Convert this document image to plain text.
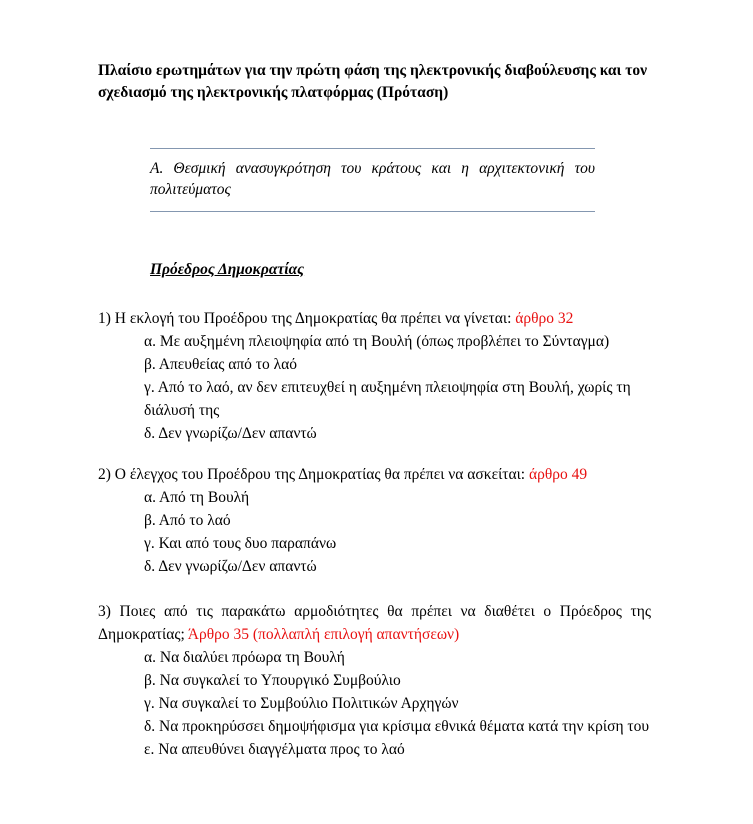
Πλαίσιο ερωτημάτων για την πρώτη φάση της ηλεκτρονικής διαβούλευσης και τον σχεδιασμό της ηλεκτρονικής πλατφόρμας (Πρόταση)
Α. Θεσμική ανασυγκρότηση του κράτους και η αρχιτεκτονική του πολιτεύματος
Πρόεδρος Δημοκρατίας

1) Η εκλογή του Προέδρου της Δημοκρατίας θα πρέπει να γίνεται: άρθρο 32

α. Με αυξημένη πλειοψηφία από τη Βουλή (όπως προβλέπει το Σύνταγμα)
β. Απευθείας από το λαό
γ. Από το λαό, αν δεν επιτευχθεί η αυξημένη πλειοψηφία στη Βουλή, χωρίς τη διάλυσή της
δ. Δεν γνωρίζω/Δεν απαντώ

2) Ο έλεγχος του Προέδρου της Δημοκρατίας θα πρέπει να ασκείται: άρθρο 49

α. Από τη Βουλή
β. Από το λαό
γ. Και από τους δυο παραπάνω
δ. Δεν γνωρίζω/Δεν απαντώ

3) Ποιες από τις παρακάτω αρμοδιότητες θα πρέπει να διαθέτει ο Πρόεδρος της Δημοκρατίας; Άρθρο 35 (πολλαπλή επιλογή απαντήσεων)

α. Να διαλύει πρόωρα τη Βουλή
β. Να συγκαλεί το Υπουργικό Συμβούλιο
γ. Να συγκαλεί το Συμβούλιο Πολιτικών Αρχηγών
δ. Να προκηρύσσει δημοψήφισμα για κρίσιμα εθνικά θέματα κατά την κρίση του
ε. Να απευθύνει διαγγέλματα προς το λαό
